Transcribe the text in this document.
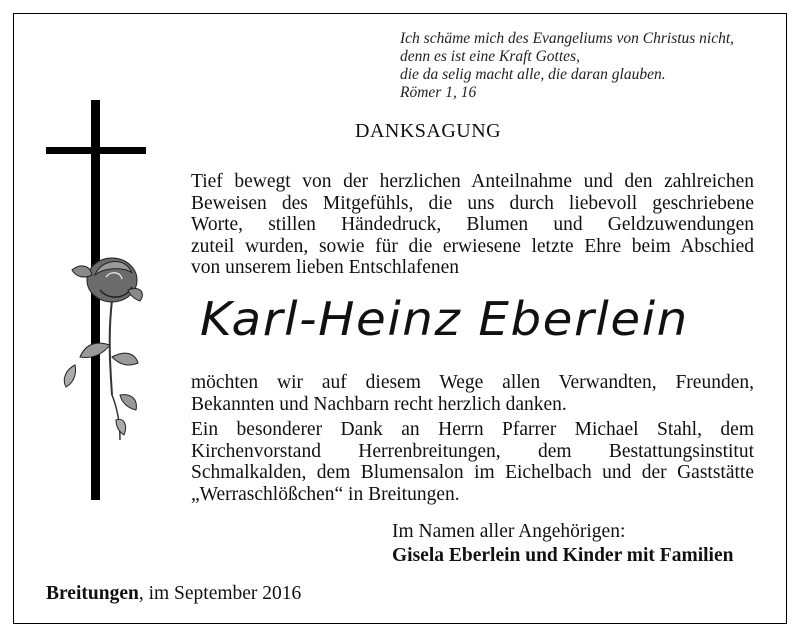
Ich schäme mich des Evangeliums von Christus nicht,
denn es ist eine Kraft Gottes,
die da selig macht alle, die daran glauben.
Römer 1, 16
DANKSAGUNG
Tief bewegt von der herzlichen Anteilnahme und den zahlreichen
Beweisen des Mitgefühls, die uns durch liebevoll geschriebene
Worte, stillen Händedruck, Blumen und Geldzuwendungen
zuteil wurden, sowie für die erwiesene letzte Ehre beim Abschied
von unserem lieben Entschlafenen
Karl-Heinz Eberlein
möchten wir auf diesem Wege allen Verwandten, Freunden,
Bekannten und Nachbarn recht herzlich danken.
Ein besonderer Dank an Herrn Pfarrer Michael Stahl, dem
Kirchenvorstand Herrenbreitungen, dem Bestattungsinstitut
Schmalkalden, dem Blumensalon im Eichelbach und der Gaststätte
„Werraschlößchen“ in Breitungen.
Im Namen aller Angehörigen:
Gisela Eberlein und Kinder mit Familien
Breitungen, im September 2016
